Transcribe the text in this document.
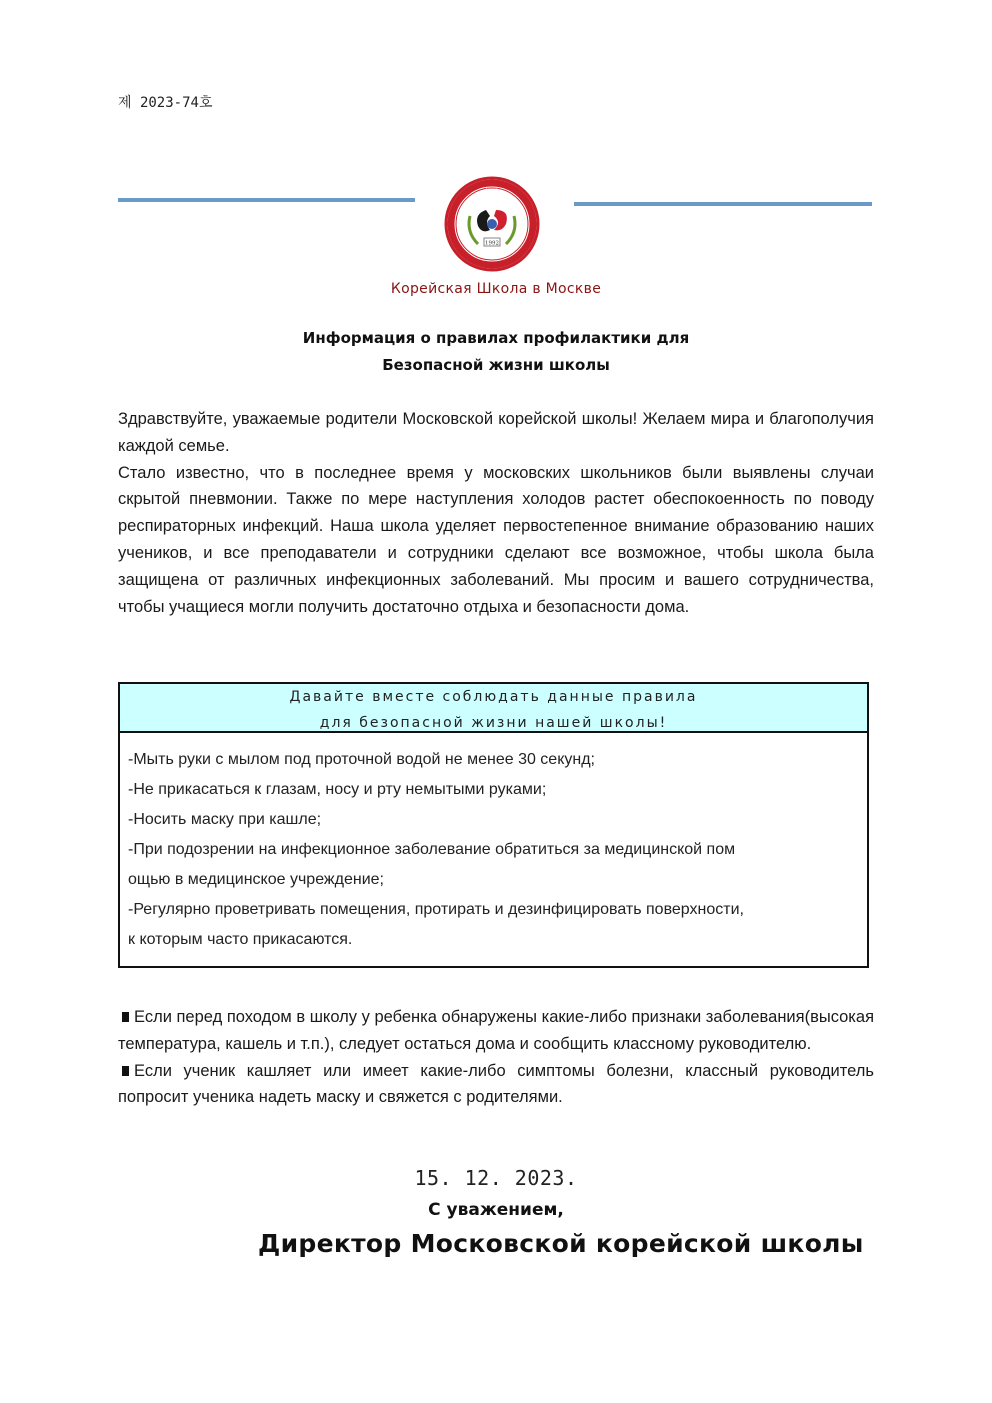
제 2023-74호
1992
MKS
Корейская Школа в Москве
Информация о правилах профилактики для
Безопасной жизни школы

Здравствуйте, уважаемые родители Московской корейской школы! Желаем мира и благополучия каждой семье.

Стало известно, что в последнее время у московских школьников были выявлены случаи скрытой пневмонии. Также по мере наступления холодов растет обеспокоенность по поводу респираторных инфекций. Наша школа уделяет первостепенное внимание образованию наших учеников, и все преподаватели и сотрудники сделают все возможное, чтобы школа была защищена от различных инфекционных заболеваний. Мы просим и вашего сотрудничества, чтобы учащиеся могли получить достаточно отдыха и безопасности дома.

Давайте вместе соблюдать данные правила
для безопасной жизни нашей школы!
-Мыть руки с мылом под проточной водой не менее 30 секунд;
-Не прикасаться к глазам, носу и рту немытыми руками;
-Носить маску при кашле;
-При подозрении на инфекционное заболевание обратиться за медицинской пом
ощью в медицинское учреждение;
-Регулярно проветривать помещения, протирать и дезинфицировать поверхности,
к которым часто прикасаются.

Если перед походом в школу у ребенка обнаружены какие-либо признаки заболевания(высокая температура, кашель и т.п.), следует остаться дома и сообщить классному руководителю.

Если ученик кашляет или имеет какие-либо симптомы болезни, классный руководитель попросит ученика надеть маску и свяжется с родителями.

15. 12. 2023.
С уважением,
Директор Московской корейской школы
